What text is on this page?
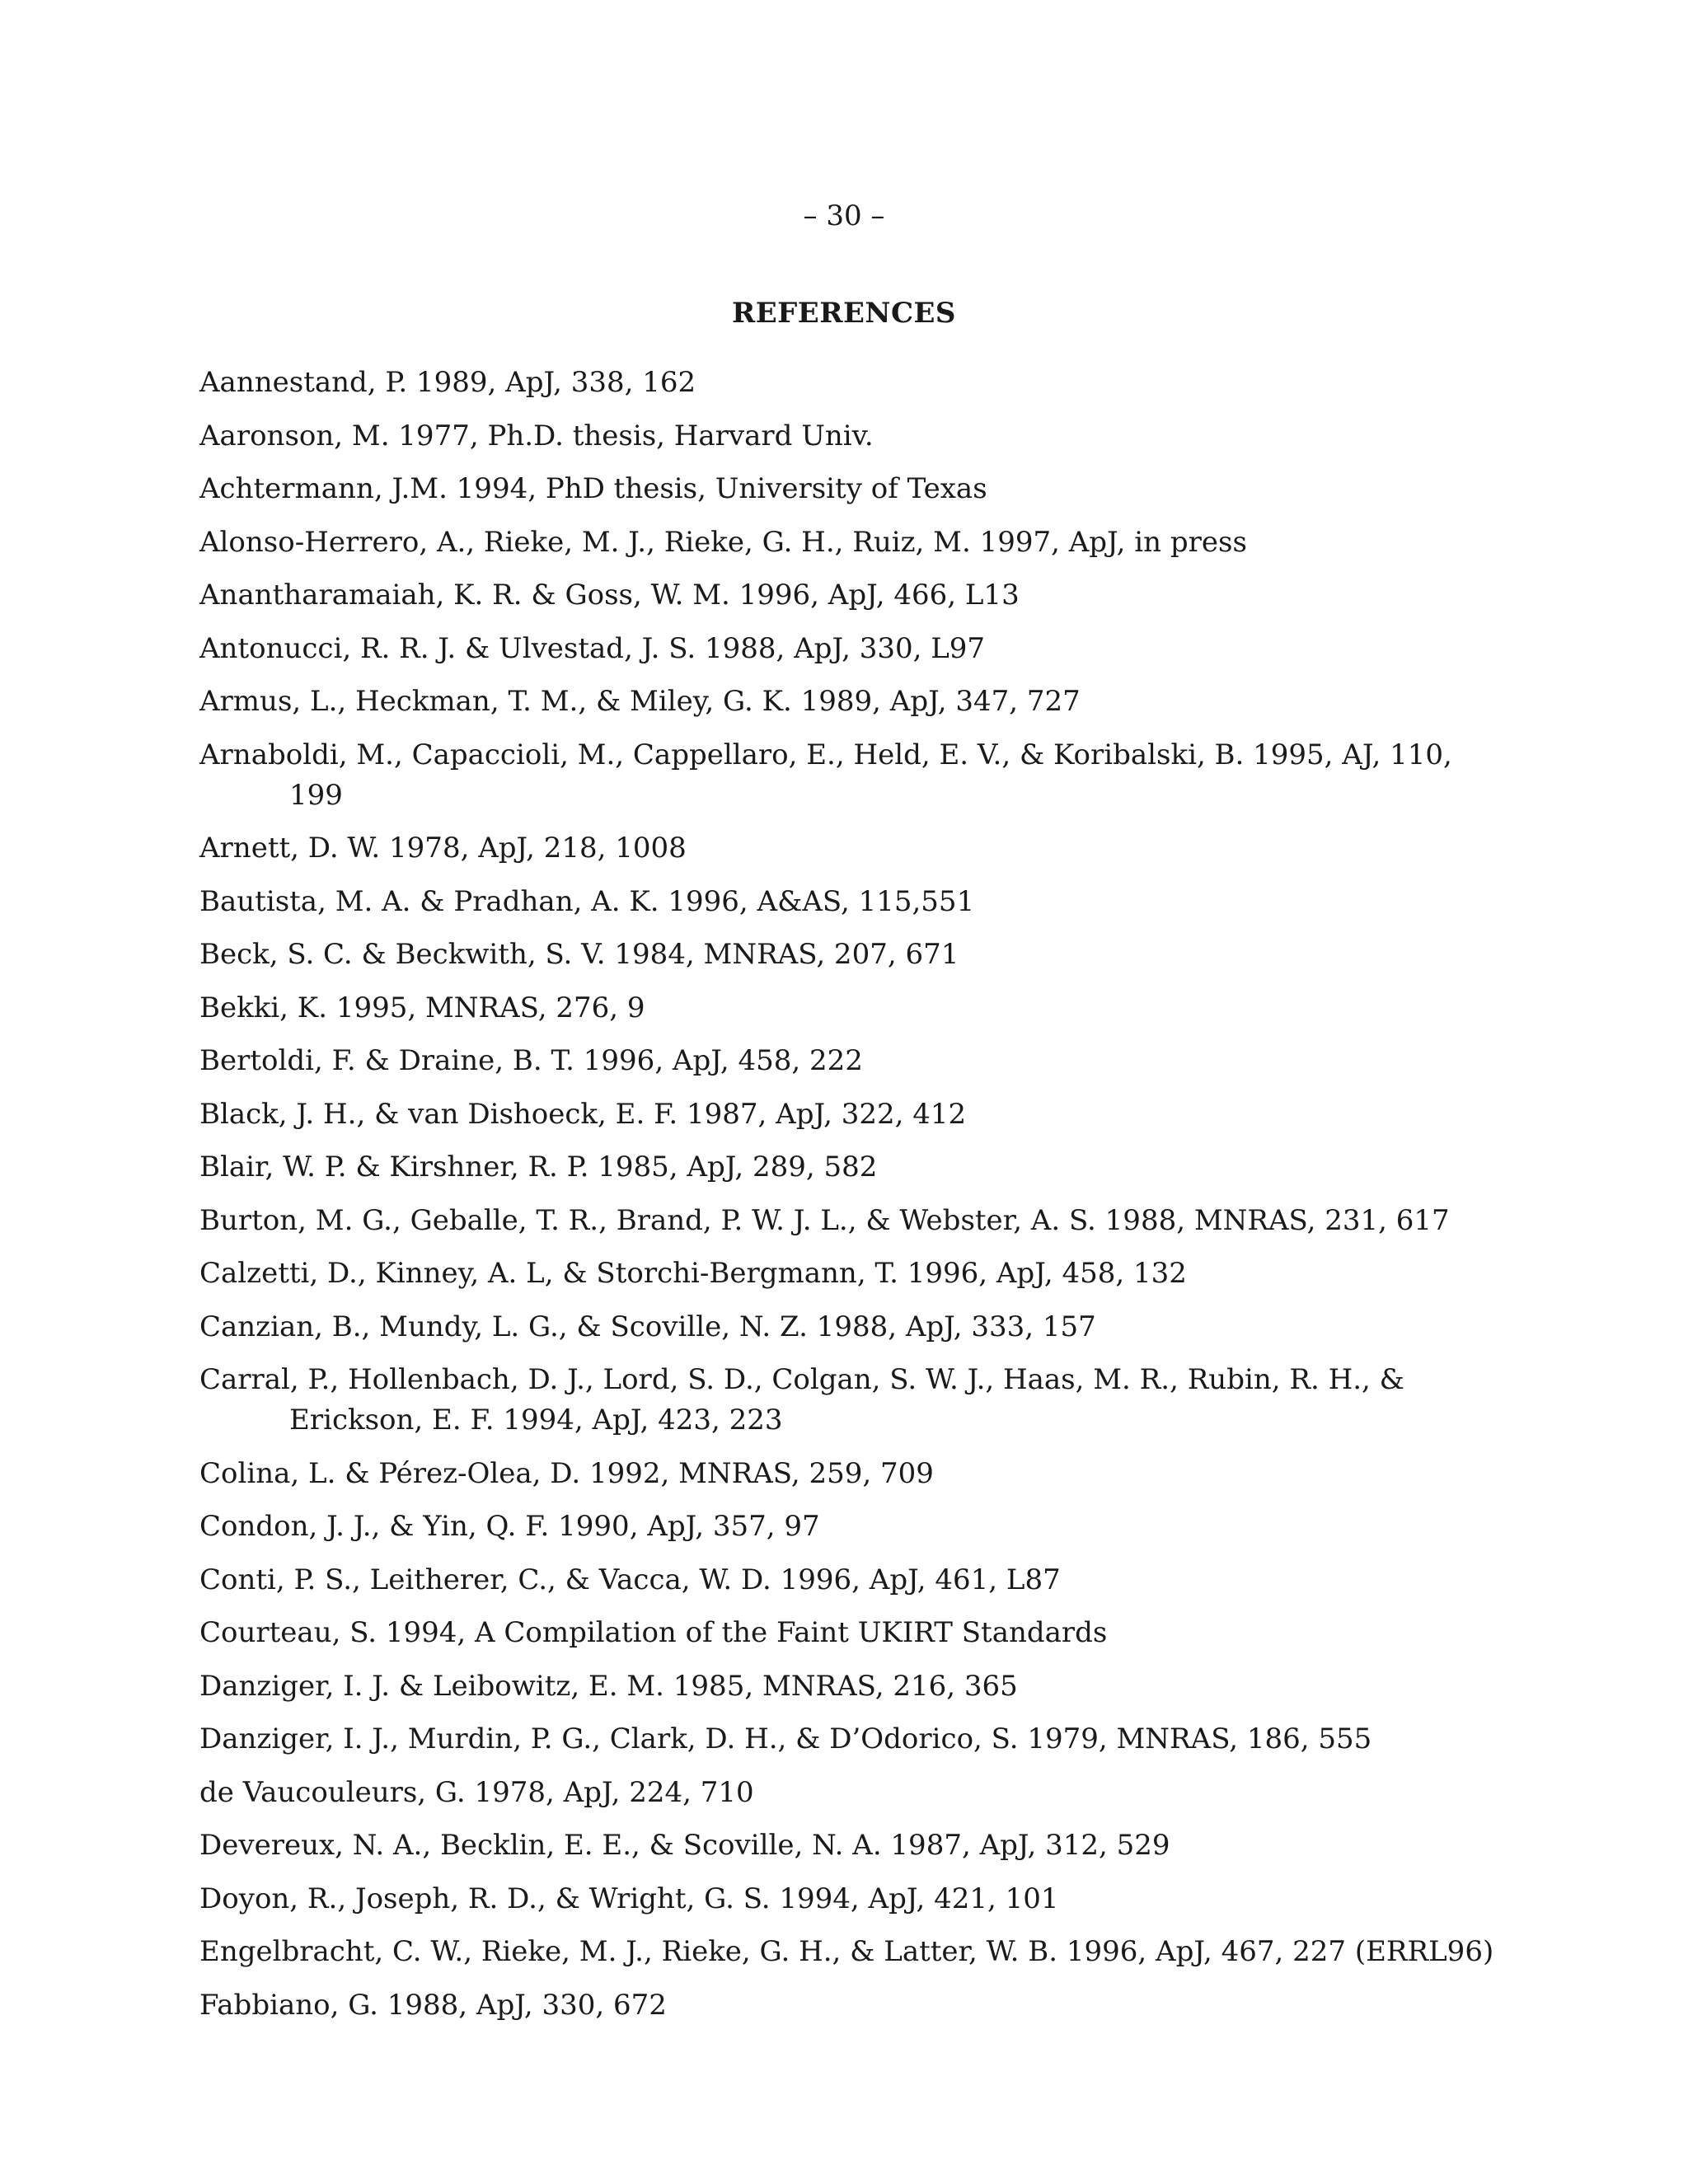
– 30 –
REFERENCES
Aannestand, P. 1989, ApJ, 338, 162
Aaronson, M. 1977, Ph.D. thesis, Harvard Univ.
Achtermann, J.M. 1994, PhD thesis, University of Texas
Alonso-Herrero, A., Rieke, M. J., Rieke, G. H., Ruiz, M. 1997, ApJ, in press
Anantharamaiah, K. R. & Goss, W. M. 1996, ApJ, 466, L13
Antonucci, R. R. J. & Ulvestad, J. S. 1988, ApJ, 330, L97
Armus, L., Heckman, T. M., & Miley, G. K. 1989, ApJ, 347, 727
Arnaboldi, M., Capaccioli, M., Cappellaro, E., Held, E. V., & Koribalski, B. 1995, AJ, 110, 199
Arnett, D. W. 1978, ApJ, 218, 1008
Bautista, M. A. & Pradhan, A. K. 1996, A&AS, 115,551
Beck, S. C. & Beckwith, S. V. 1984, MNRAS, 207, 671
Bekki, K. 1995, MNRAS, 276, 9
Bertoldi, F. & Draine, B. T. 1996, ApJ, 458, 222
Black, J. H., & van Dishoeck, E. F. 1987, ApJ, 322, 412
Blair, W. P. & Kirshner, R. P. 1985, ApJ, 289, 582
Burton, M. G., Geballe, T. R., Brand, P. W. J. L., & Webster, A. S. 1988, MNRAS, 231, 617
Calzetti, D., Kinney, A. L, & Storchi-Bergmann, T. 1996, ApJ, 458, 132
Canzian, B., Mundy, L. G., & Scoville, N. Z. 1988, ApJ, 333, 157
Carral, P., Hollenbach, D. J., Lord, S. D., Colgan, S. W. J., Haas, M. R., Rubin, R. H., & Erickson, E. F. 1994, ApJ, 423, 223
Colina, L. & Pérez-Olea, D. 1992, MNRAS, 259, 709
Condon, J. J., & Yin, Q. F. 1990, ApJ, 357, 97
Conti, P. S., Leitherer, C., & Vacca, W. D. 1996, ApJ, 461, L87
Courteau, S. 1994, A Compilation of the Faint UKIRT Standards
Danziger, I. J. & Leibowitz, E. M. 1985, MNRAS, 216, 365
Danziger, I. J., Murdin, P. G., Clark, D. H., & D’Odorico, S. 1979, MNRAS, 186, 555
de Vaucouleurs, G. 1978, ApJ, 224, 710
Devereux, N. A., Becklin, E. E., & Scoville, N. A. 1987, ApJ, 312, 529
Doyon, R., Joseph, R. D., & Wright, G. S. 1994, ApJ, 421, 101
Engelbracht, C. W., Rieke, M. J., Rieke, G. H., & Latter, W. B. 1996, ApJ, 467, 227 (ERRL96)
Fabbiano, G. 1988, ApJ, 330, 672
